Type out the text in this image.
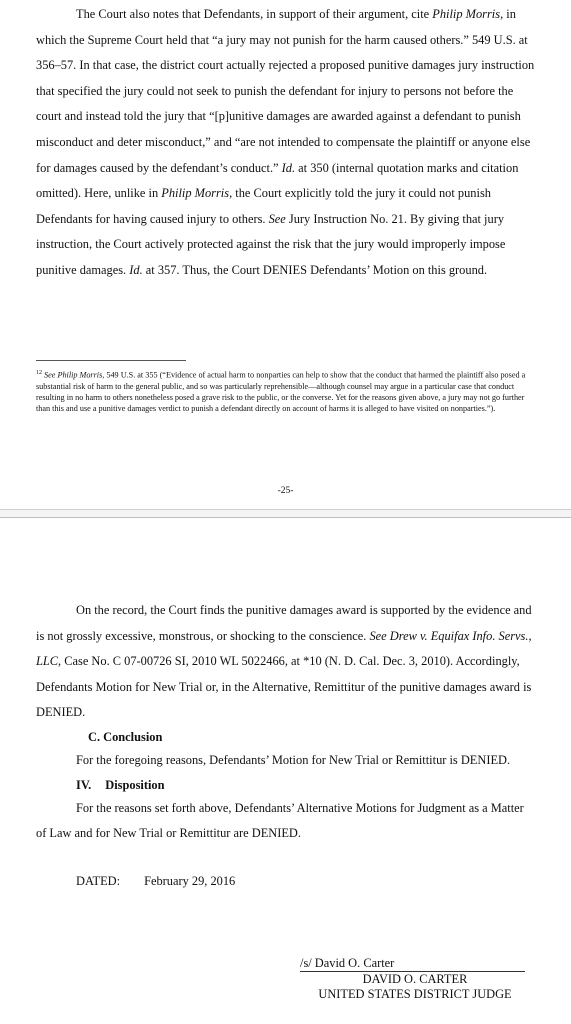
The Court also notes that Defendants, in support of their argument, cite Philip Morris, in which the Supreme Court held that “a jury may not punish for the harm caused others.” 549 U.S. at 356–57. In that case, the district court actually rejected a proposed punitive damages jury instruction that specified the jury could not seek to punish the defendant for injury to persons not before the court and instead told the jury that “[p]unitive damages are awarded against a defendant to punish misconduct and deter misconduct,” and “are not intended to compensate the plaintiff or anyone else for damages caused by the defendant’s conduct.” Id. at 350 (internal quotation marks and citation omitted). Here, unlike in Philip Morris, the Court explicitly told the jury it could not punish Defendants for having caused injury to others. See Jury Instruction No. 21. By giving that jury instruction, the Court actively protected against the risk that the jury would improperly impose punitive damages. Id. at 357. Thus, the Court DENIES Defendants’ Motion on this ground.

$^{12}$ See Philip Morris, 549 U.S. at 355 (“Evidence of actual harm to nonparties can help to show that the conduct that harmed the plaintiff also posed a substantial risk of harm to the general public, and so was particularly reprehensible—although counsel may argue in a particular case that conduct resulting in no harm to others nonetheless posed a grave risk to the public, or the converse. Yet for the reasons given above, a jury may not go further than this and use a punitive damages verdict to punish a defendant directly on account of harms it is alleged to have visited on nonparties.”).
-25-

On the record, the Court finds the punitive damages award is supported by the evidence and is not grossly excessive, monstrous, or shocking to the conscience. See Drew v. Equifax Info. Servs., LLC, Case No. C 07-00726 SI, 2010 WL 5022466, at *10 (N. D. Cal. Dec. 3, 2010). Accordingly, Defendants Motion for New Trial or, in the Alternative, Remittitur of the punitive damages award is DENIED.

C. Conclusion

For the foregoing reasons, Defendants’ Motion for New Trial or Remittitur is DENIED.

IV. Disposition

For the reasons set forth above, Defendants’ Alternative Motions for Judgment as a Matter of Law and for New Trial or Remittitur are DENIED.

DATED: February 29, 2016

/s/ David O. Carter
DAVID O. CARTER
UNITED STATES DISTRICT JUDGE
